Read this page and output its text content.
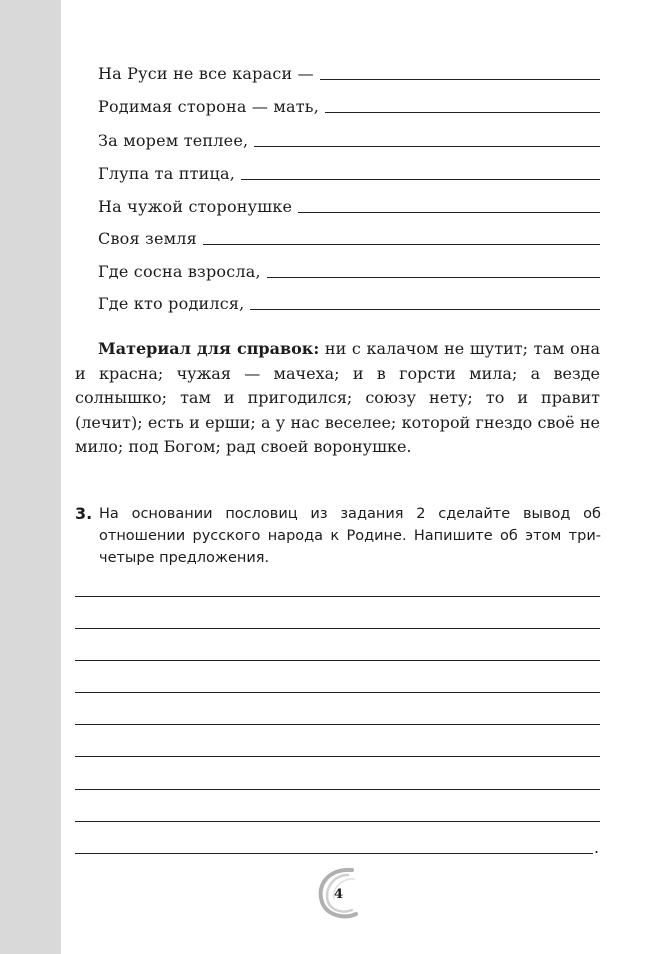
На Руси не все караси —
Родимая сторона — мать,
За морем теплее,
Глупа та птица,
На чужой сторонушке
Своя земля
Где сосна взросла,
Где кто родился,
Материал для справок: ни с калачом не шутит; там она и красна; чужая — мачеха; и в горсти мила; а везде солнышко; там и пригодился; союзу нету; то и правит (лечит); есть и ерши; а у нас веселее; которой гнездо своё не мило; под Богом; рад своей воронушке.
3. На основании пословиц из задания 2 сделайте вывод об отношении русского народа к Родине. Напишите об этом три-четыре предложения.
.
4
